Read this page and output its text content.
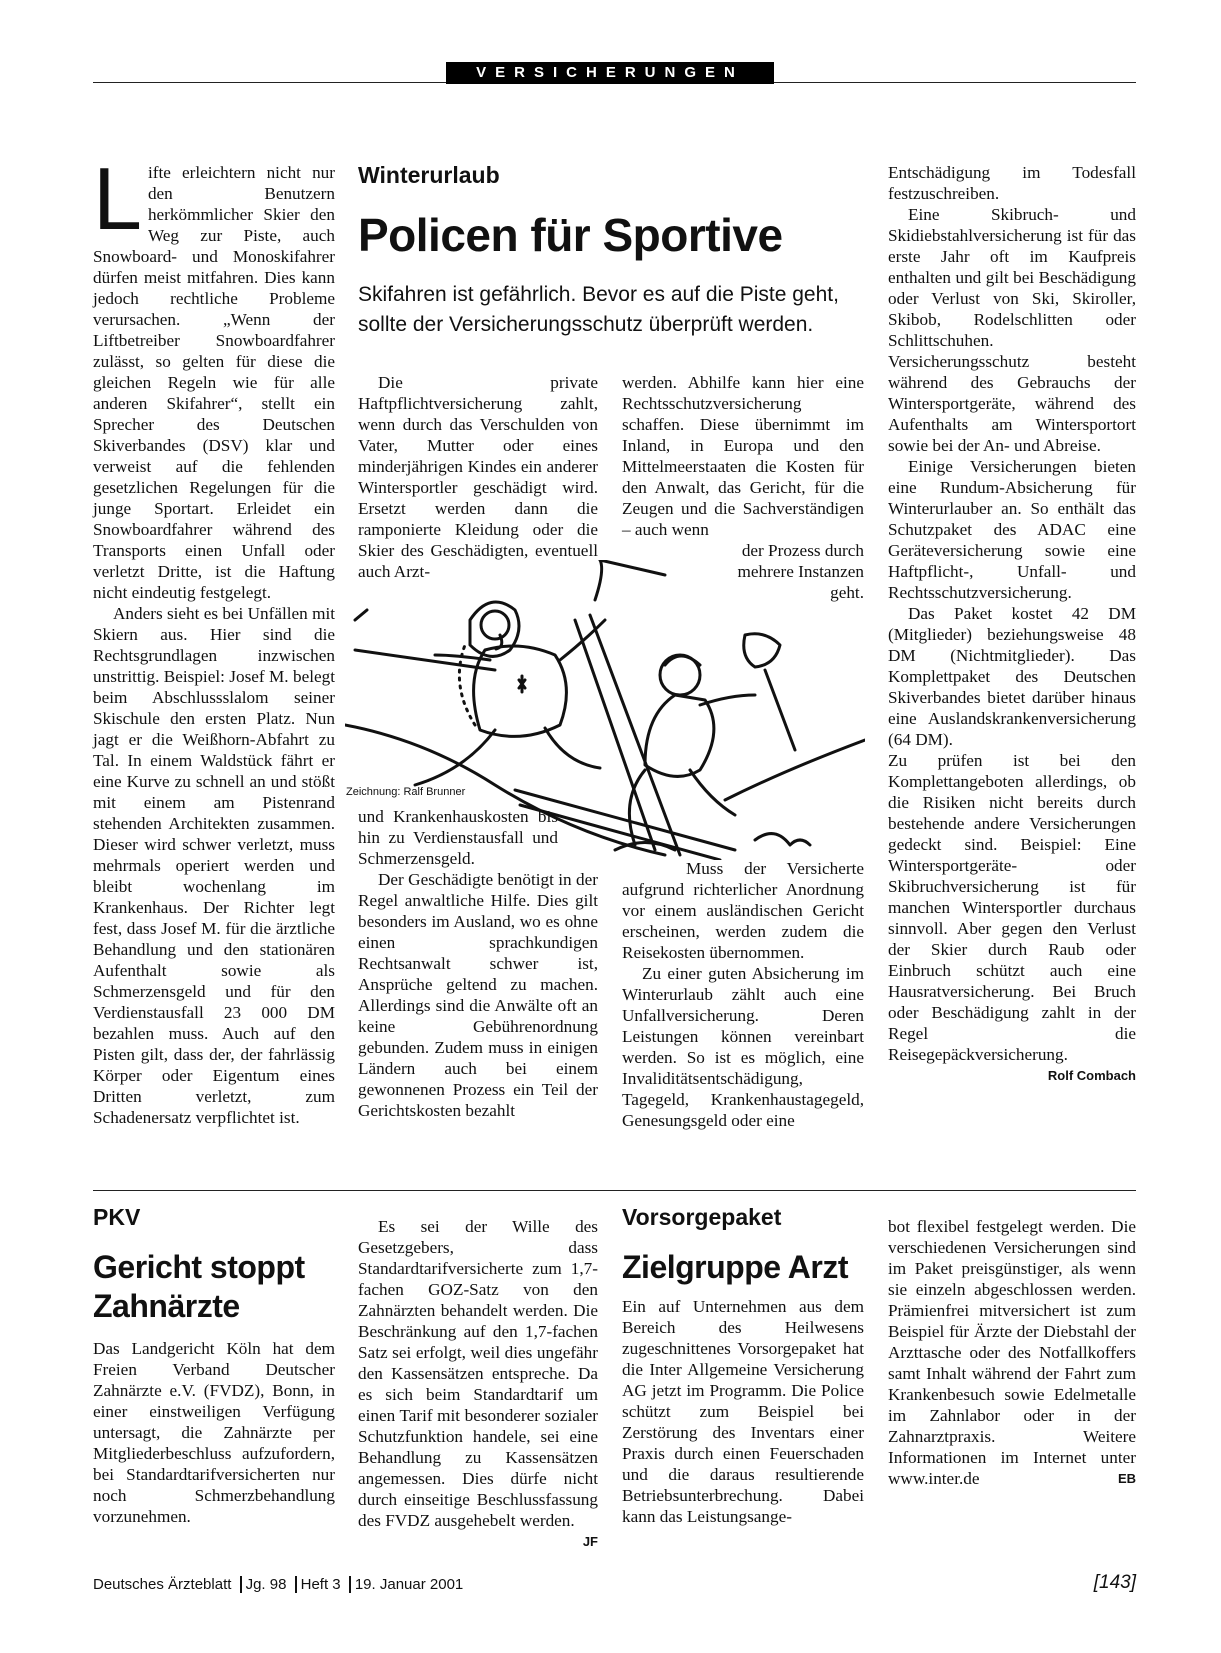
VERSICHERUNGEN
L ifte erleichtern nicht nur den Benutzern herkömmlicher Skier den Weg zur Piste, auch Snowboard- und Monoskifahrer dürfen meist mitfahren. Dies kann jedoch rechtliche Probleme verursachen. „Wenn der Liftbetreiber Snowboardfahrer zulässt, so gelten für diese die gleichen Regeln wie für alle anderen Skifahrer“, stellt ein Sprecher des Deutschen Skiverbandes (DSV) klar und verweist auf die fehlenden gesetzlichen Regelungen für die junge Sportart. Erleidet ein Snowboardfahrer während des Transports einen Unfall oder verletzt Dritte, ist die Haftung nicht eindeutig festgelegt.

Anders sieht es bei Unfällen mit Skiern aus. Hier sind die Rechtsgrundlagen inzwischen unstrittig. Beispiel: Josef M. belegt beim Abschlussslalom seiner Skischule den ersten Platz. Nun jagt er die Weißhorn-Abfahrt zu Tal. In einem Waldstück fährt er eine Kurve zu schnell an und stößt mit einem am Pistenrand stehenden Architekten zusammen. Dieser wird schwer verletzt, muss mehrmals operiert werden und bleibt wochenlang im Krankenhaus. Der Richter legt fest, dass Josef M. für die ärztliche Behandlung und den stationären Aufenthalt sowie als Schmerzensgeld und für den Verdienstausfall 23 000 DM bezahlen muss. Auch auf den Pisten gilt, dass der, der fahrlässig Körper oder Eigentum eines Dritten verletzt, zum Schadenersatz verpflichtet ist.

Winterurlaub
Policen für Sportive
Skifahren ist gefährlich. Bevor es auf die Piste geht, sollte der Versicherungsschutz überprüft werden.

Die private Haftpflichtversicherung zahlt, wenn durch das Verschulden von Vater, Mutter oder eines minderjährigen Kindes ein anderer Wintersportler geschädigt wird. Ersetzt werden dann die ramponierte Kleidung oder die Skier des Geschädigten, eventuell auch Arzt-

werden. Abhilfe kann hier eine Rechtsschutzversicherung schaffen. Diese übernimmt im Inland, in Europa und den Mittelmeerstaaten die Kosten für den Anwalt, das Gericht, für die Zeugen und die Sachverständigen – auch wenn

der Prozess durch mehrere Instanzen geht.

Zeichnung: Ralf Brunner

und Krankenhauskosten bis hin zu Verdienstausfall und Schmerzensgeld.

Der Geschädigte benötigt in der Regel anwaltliche Hilfe. Dies gilt besonders im Ausland, wo es ohne einen sprachkundigen Rechtsanwalt schwer ist, Ansprüche geltend zu machen. Allerdings sind die Anwälte oft an keine Gebührenordnung gebunden. Zudem muss in einigen Ländern auch bei einem gewonnenen Prozess ein Teil der Gerichtskosten bezahlt

Muss der Versicherte aufgrund richterlicher Anordnung vor einem ausländischen Gericht erscheinen, werden zudem die Reisekosten übernommen.

Zu einer guten Absicherung im Winterurlaub zählt auch eine Unfallversicherung. Deren Leistungen können vereinbart werden. So ist es möglich, eine Invaliditätsentschädigung, Tagegeld, Krankenhaustagegeld, Genesungsgeld oder eine

Entschädigung im Todesfall festzuschreiben.

Eine Skibruch- und Skidiebstahlversicherung ist für das erste Jahr oft im Kaufpreis enthalten und gilt bei Beschädigung oder Verlust von Ski, Skiroller, Skibob, Rodelschlitten oder Schlittschuhen. Versicherungsschutz besteht während des Gebrauchs der Wintersportgeräte, während des Aufenthalts am Wintersportort sowie bei der An- und Abreise.

Einige Versicherungen bieten eine Rundum-Absicherung für Winterurlauber an. So enthält das Schutzpaket des ADAC eine Geräteversicherung sowie eine Haftpflicht-, Unfall- und Rechtsschutzversicherung.

Das Paket kostet 42 DM (Mitglieder) beziehungsweise 48 DM (Nichtmitglieder). Das Komplettpaket des Deutschen Skiverbandes bietet darüber hinaus eine Auslandskrankenversicherung (64 DM).

Zu prüfen ist bei den Komplettangeboten allerdings, ob die Risiken nicht bereits durch bestehende andere Versicherungen gedeckt sind. Beispiel: Eine Wintersportgeräte- oder Skibruchversicherung ist für manchen Wintersportler durchaus sinnvoll. Aber gegen den Verlust der Skier durch Raub oder Einbruch schützt auch eine Hausratversicherung. Bei Bruch oder Beschädigung zahlt in der Regel die Reisegepäckversicherung.
Rolf Combach

PKV
Gericht stoppt
Zahnärzte

Das Landgericht Köln hat dem Freien Verband Deutscher Zahnärzte e.V. (FVDZ), Bonn, in einer einstweiligen Verfügung untersagt, die Zahnärzte per Mitgliederbeschluss aufzufordern, bei Standardtarifversicherten nur noch Schmerzbehandlung vorzunehmen.

Es sei der Wille des Gesetzgebers, dass Standardtarifversicherte zum 1,7-fachen GOZ-Satz von den Zahnärzten behandelt werden. Die Beschränkung auf den 1,7-fachen Satz sei erfolgt, weil dies ungefähr den Kassensätzen entspreche. Da es sich beim Standardtarif um einen Tarif mit besonderer sozialer Schutzfunktion handele, sei eine Behandlung zu Kassensätzen angemessen. Dies dürfe nicht durch einseitige Beschlussfassung des FVDZ ausgehebelt werden.
JF

Vorsorgepaket
Zielgruppe Arzt

Ein auf Unternehmen aus dem Bereich des Heilwesens zugeschnittenes Vorsorgepaket hat die Inter Allgemeine Versicherung AG jetzt im Programm. Die Police schützt zum Beispiel bei Zerstörung des Inventars einer Praxis durch einen Feuerschaden und die daraus resultierende Betriebsunterbrechung. Dabei kann das Leistungsange-

bot flexibel festgelegt werden. Die verschiedenen Versicherungen sind im Paket preisgünstiger, als wenn sie einzeln abgeschlossen werden. Prämienfrei mitversichert ist zum Beispiel für Ärzte der Diebstahl der Arzttasche oder des Notfallkoffers samt Inhalt während der Fahrt zum Krankenbesuch sowie Edelmetalle im Zahnlabor oder in der Zahnarztpraxis. Weitere Informationen im Internet unter www.inter.de	EB

Deutsches Ärzteblatt Jg. 98 Heft 3 19. Januar 2001	[143]
